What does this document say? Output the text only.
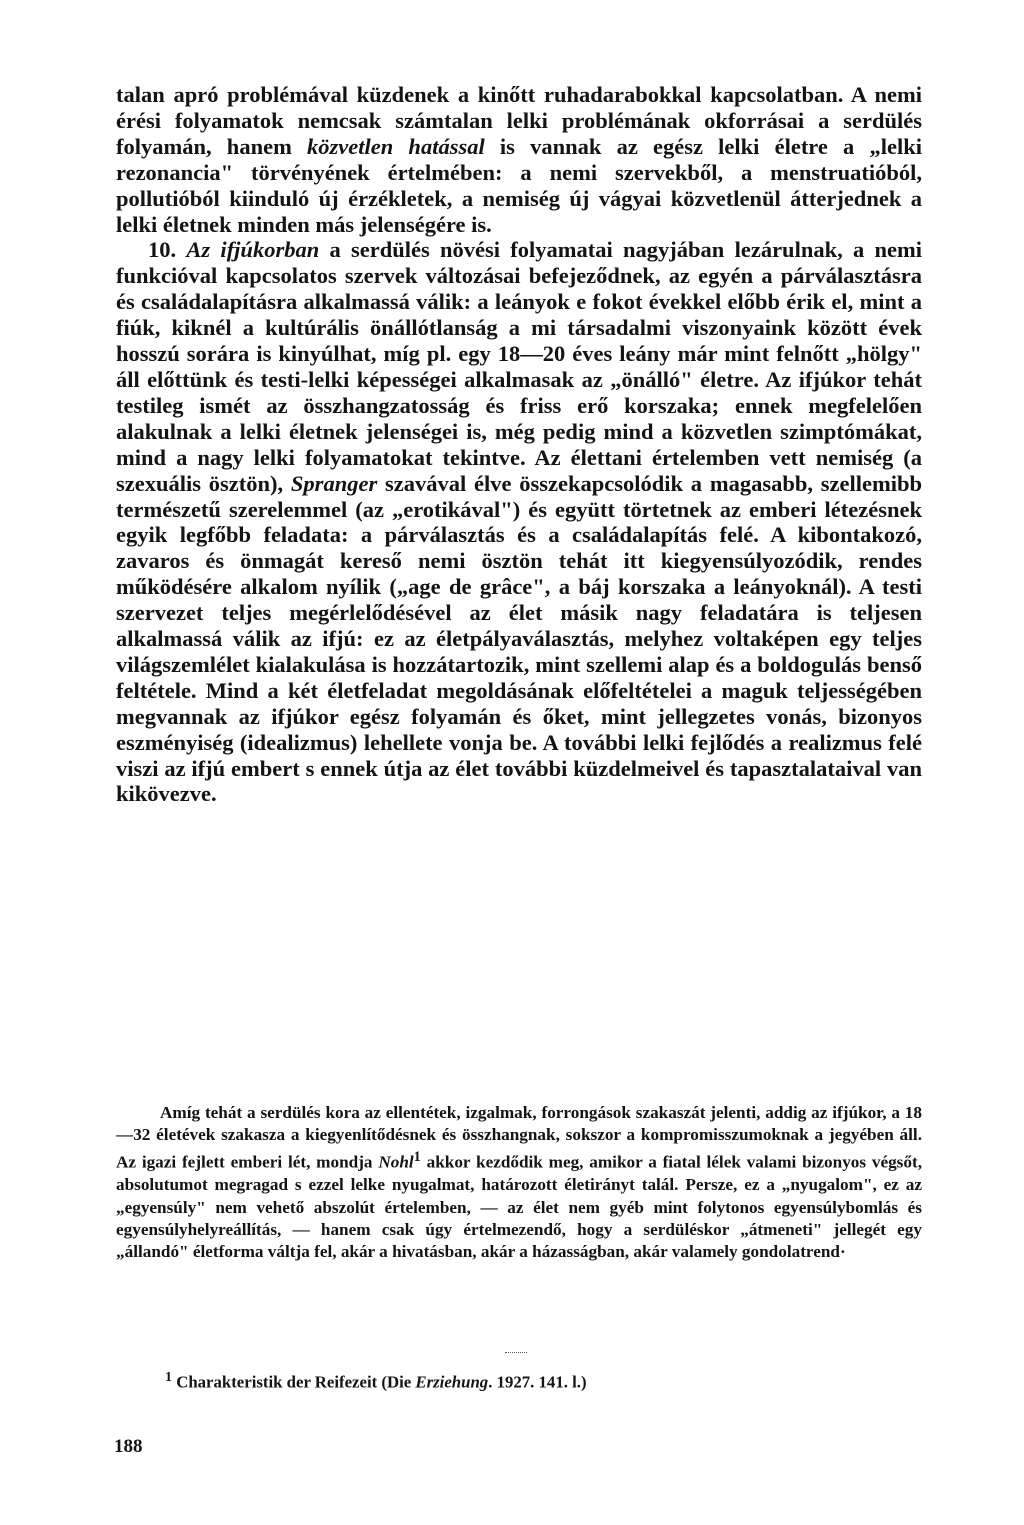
talan apró problémával küzdenek a kinőtt ruhadarabokkal kapcsolatban. A nemi érési folyamatok nemcsak számtalan lelki problémának okforrásai a serdülés folyamán, hanem közvetlen hatással is vannak az egész lelki életre a „lelki rezonancia" törvényének értelmében: a nemi szervekből, a menstruatióból, pollutióból kiinduló új érzékletek, a nemiség új vágyai közvetlenül átterjednek a lelki életnek minden más jelenségére is.

10. Az ifjúkorban a serdülés növési folyamatai nagyjában lezárulnak, a nemi funkcióval kapcsolatos szervek változásai befejeződnek, az egyén a párválasztásra és családalapításra alkalmassá válik: a leányok e fokot évekkel előbb érik el, mint a fiúk, kiknél a kultúrális önállótlanság a mi társadalmi viszonyaink között évek hosszú sorára is kinyúlhat, míg pl. egy 18—20 éves leány már mint felnőtt „hölgy" áll előttünk és testi-lelki képességei alkalmasak az „önálló" életre. Az ifjúkor tehát testileg ismét az összhangzatosság és friss erő korszaka; ennek megfelelően alakulnak a lelki életnek jelenségei is, még pedig mind a közvetlen szimptómákat, mind a nagy lelki folyamatokat tekintve. Az élettani értelemben vett nemiség (a szexuális ösztön), Spranger szavával élve összekapcsolódik a magasabb, szellemibb természetű szerelemmel (az „erotikával") és együtt törtetnek az emberi létezésnek egyik legfőbb feladata: a párválasztás és a családalapítás felé. A kibontakozó, zavaros és önmagát kereső nemi ösztön tehát itt kiegyensúlyozódik, rendes működésére alkalom nyílik („age de grâce", a báj korszaka a leányoknál). A testi szervezet teljes megérlelődésével az élet másik nagy feladatára is teljesen alkalmassá válik az ifjú: ez az életpályaválasztás, melyhez voltaképen egy teljes világszemlélet kialakulása is hozzátartozik, mint szellemi alap és a boldogulás benső feltétele. Mind a két életfeladat megoldásának előfeltételei a maguk teljességében megvannak az ifjúkor egész folyamán és őket, mint jellegzetes vonás, bizonyos eszményiség (idealizmus) lehellete vonja be. A további lelki fejlődés a realizmus felé viszi az ifjú embert s ennek útja az élet további küzdelmeivel és tapasztalataival van kikövezve.

Amíg tehát a serdülés kora az ellentétek, izgalmak, forrongások szakaszát jelenti, addig az ifjúkor, a 18—32 életévek szakasza a kiegyenlítődésnek és összhangnak, sokszor a kompromisszumoknak a jegyében áll. Az igazi fejlett emberi lét, mondja Nohl$^1$ akkor kezdődik meg, amikor a fiatal lélek valami bizonyos végsőt, absolutumot megragad s ezzel lelke nyugalmat, határozott életirányt talál. Persze, ez a „nyugalom", ez az „egyensúly" nem vehető abszolút értelemben, — az élet nem gyéb mint folytonos egyensúlybomlás és egyensúlyhelyreállítás, — hanem csak úgy értelmezendő, hogy a serdüléskor „átmeneti" jellegét egy „állandó" életforma váltja fel, akár a hivatásban, akár a házasságban, akár valamely gondolatrend·

$^1$ Charakteristik der Reifezeit (Die Erziehung. 1927. 141. l.)
188
